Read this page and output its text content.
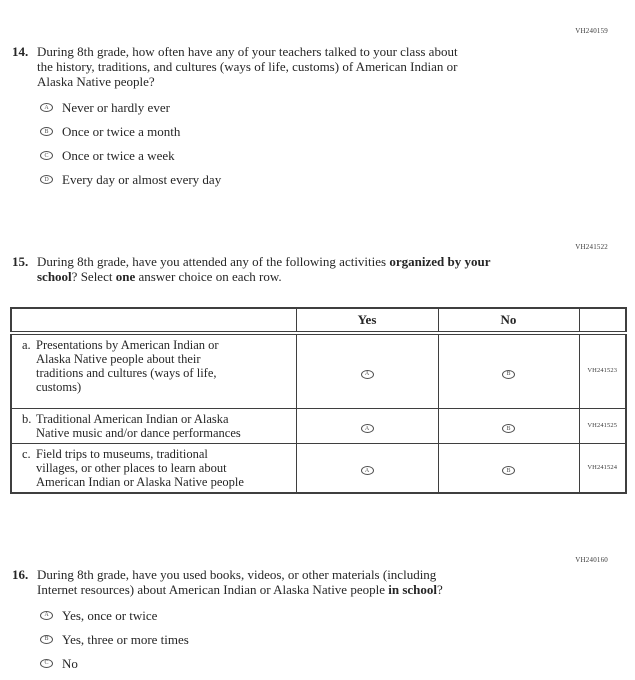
VH240159
14. During 8th grade, how often have any of your teachers talked to your class about
the history, traditions, and cultures (ways of life, customs) of American Indian or
Alaska Native people?
A Never or hardly ever
B Once or twice a month
C Once or twice a week
D Every day or almost every day
VH241522
15. During 8th grade, have you attended any of the following activities organized by your
school? Select one answer choice on each row.
	Yes	No	

a. Presentations by American Indian or
Alaska Native people about their
traditions and cultures (ways of life,
customs)	A	B	VH241523

b. Traditional American Indian or Alaska
Native music and/or dance performances	A	B	VH241525

c. Field trips to museums, traditional
villages, or other places to learn about
American Indian or Alaska Native people	A	B	VH241524
VH240160
16. During 8th grade, have you used books, videos, or other materials (including
Internet resources) about American Indian or Alaska Native people in school?
A Yes, once or twice
B Yes, three or more times
C No
